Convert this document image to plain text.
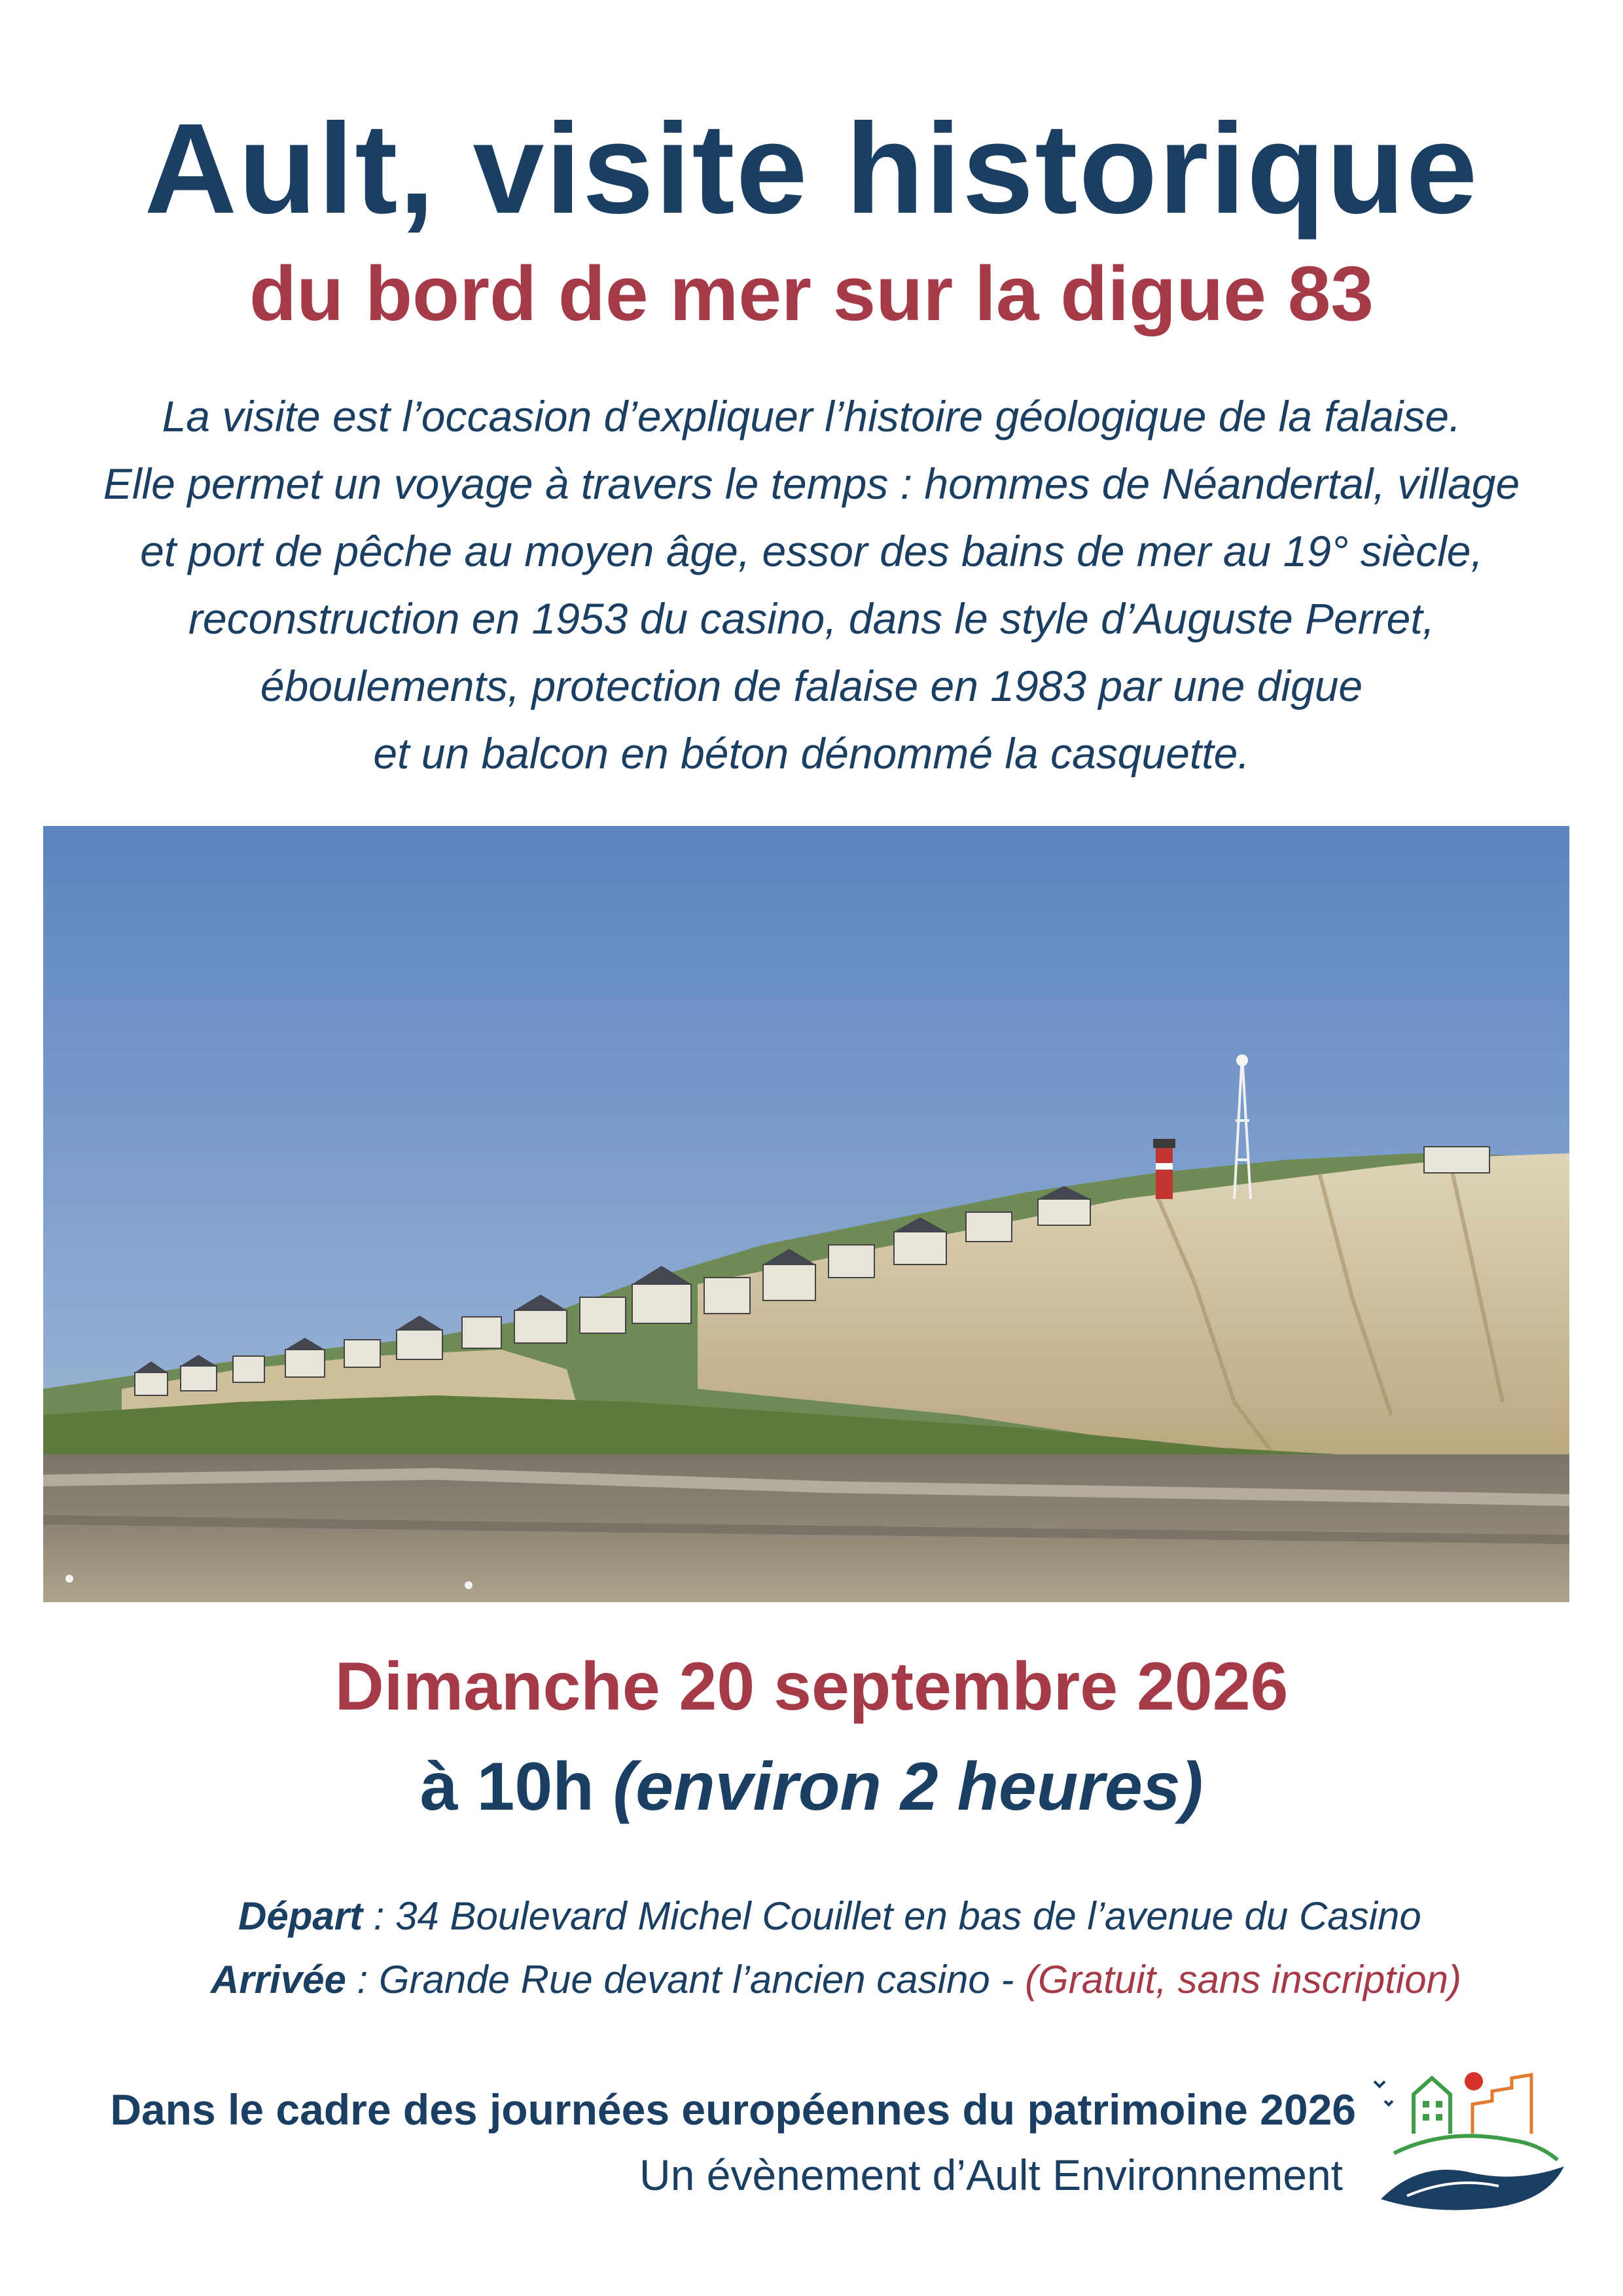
Ault, visite historique
du bord de mer sur la digue 83
La visite est l’occasion d’expliquer l’histoire géologique de la falaise.
Elle permet un voyage à travers le temps : hommes de Néandertal, village
et port de pêche au moyen âge, essor des bains de mer au 19° siècle,
reconstruction en 1953 du casino, dans le style d’Auguste Perret,
éboulements, protection de falaise en 1983 par une digue
et un balcon en béton dénommé la casquette.
Dimanche 20 septembre 2026
à 10h (environ 2 heures)
Départ : 34 Boulevard Michel Couillet en bas de l’avenue du Casino
Arrivée : Grande Rue devant l’ancien casino - (Gratuit, sans inscription)
Dans le cadre des journées européennes du patrimoine 2026
Un évènement d’Ault Environnement
